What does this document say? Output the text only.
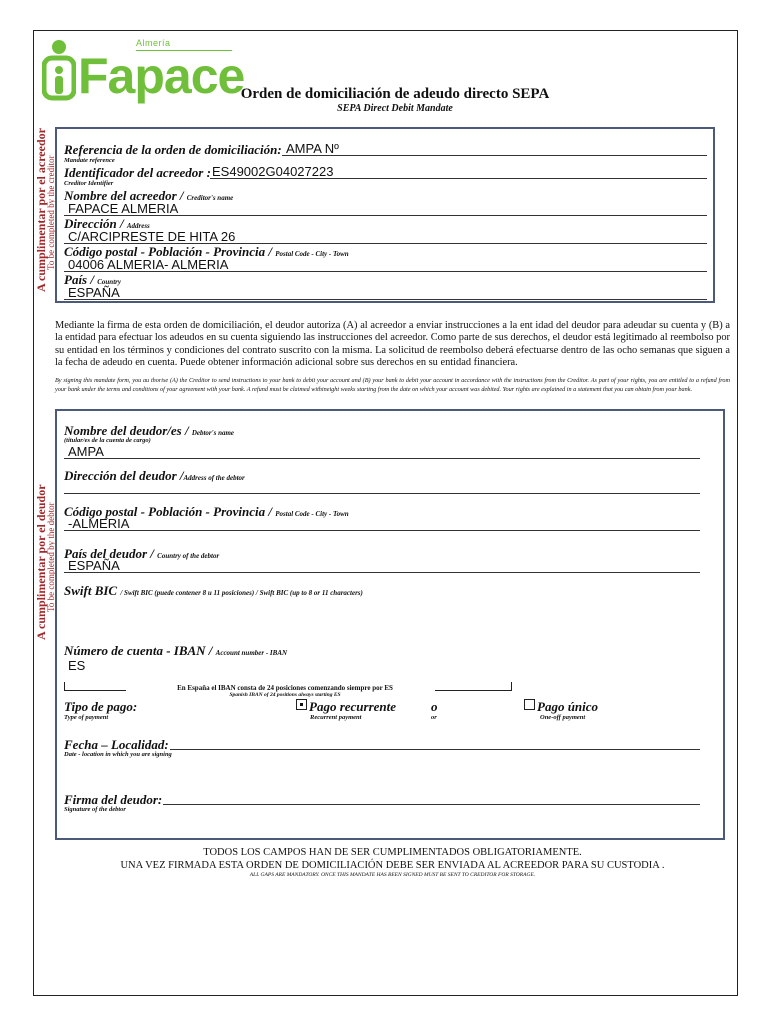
Almería
Fapace
Orden de domiciliación de adeudo directo SEPA
SEPA Direct Debit Mandate
A cumplimentar por el acreedor
To be completed by the creditor
Referencia de la orden de domiciliación: AMPA Nº
Mandate reference
Identificador del acreedor : ES49002G04027223
Creditor Identifier
Nombre del acreedor / Creditor's name
FAPACE ALMERIA
Dirección / Address
C/ARCIPRESTE DE HITA 26
Código postal - Población - Provincia / Postal Code - City - Town
04006 ALMERIA- ALMERIA
País / Country
ESPAÑA
Mediante la firma de esta orden de domiciliación, el deudor autoriza (A) al acreedor a enviar instrucciones a la ent idad del deudor para adeudar su cuenta y (B) a la entidad para efectuar los adeudos en su cuenta siguiendo las instrucciones del acreedor. Como parte de sus derechos, el deudor está legitimado al reembolso por su entidad en los términos y condiciones del contrato suscrito con la misma. La solicitud de reembolso deberá efectuarse dentro de las ocho semanas que siguen a la fecha de adeudo en cuenta. Puede obtener información adicional sobre sus derechos en su entidad financiera.
By signing this mandate form, you au thorise (A) the Creditor to send instructions to your bank to debit your account and (B) your bank to debit your account in accordance with the instructions from the Creditor. As part of your rights, you are entitled to a refund from your bank under the terms and conditions of your agreement with your bank. A refund must be claimed withineight weeks starting from the date on which your account was debited. Your rights are explained in a statement that you can obtain from your bank.
A cumplimentar por el deudor
To be completed by the debtor
Nombre del deudor/es / Debtor's name
(titular/es de la cuenta de cargo)
AMPA
Dirección del deudor /Address of the debtor
Código postal - Población - Provincia / Postal Code - City - Town
-ALMERIA
País del deudor / Country of the debtor
ESPAÑA
Swift BIC / Swift BIC (puede contener 8 u 11 posiciones) / Swift BIC (up to 8 or 11 characters)
Número de cuenta - IBAN / Account number - IBAN
ES
En España el IBAN consta de 24 posiciones comenzando siempre por ES
Spanish IBAN of 24 positions always starting ES
Tipo de pago:
Type of payment
Pago recurrente
Recurrent payment
o
or
Pago único
One-off payment
Fecha – Localidad:
Date - location in which you are signing
Firma del deudor:
Signature of the debtor
TODOS LOS CAMPOS HAN DE SER CUMPLIMENTADOS OBLIGATORIAMENTE.
UNA VEZ FIRMADA ESTA ORDEN DE DOMICILIACIÓN DEBE SER ENVIADA AL ACREEDOR PARA SU CUSTODIA .
ALL GAPS ARE MANDATORY. ONCE THIS MANDATE HAS BEEN SIGNED MUST BE SENT TO CREDITOR FOR STORAGE.
